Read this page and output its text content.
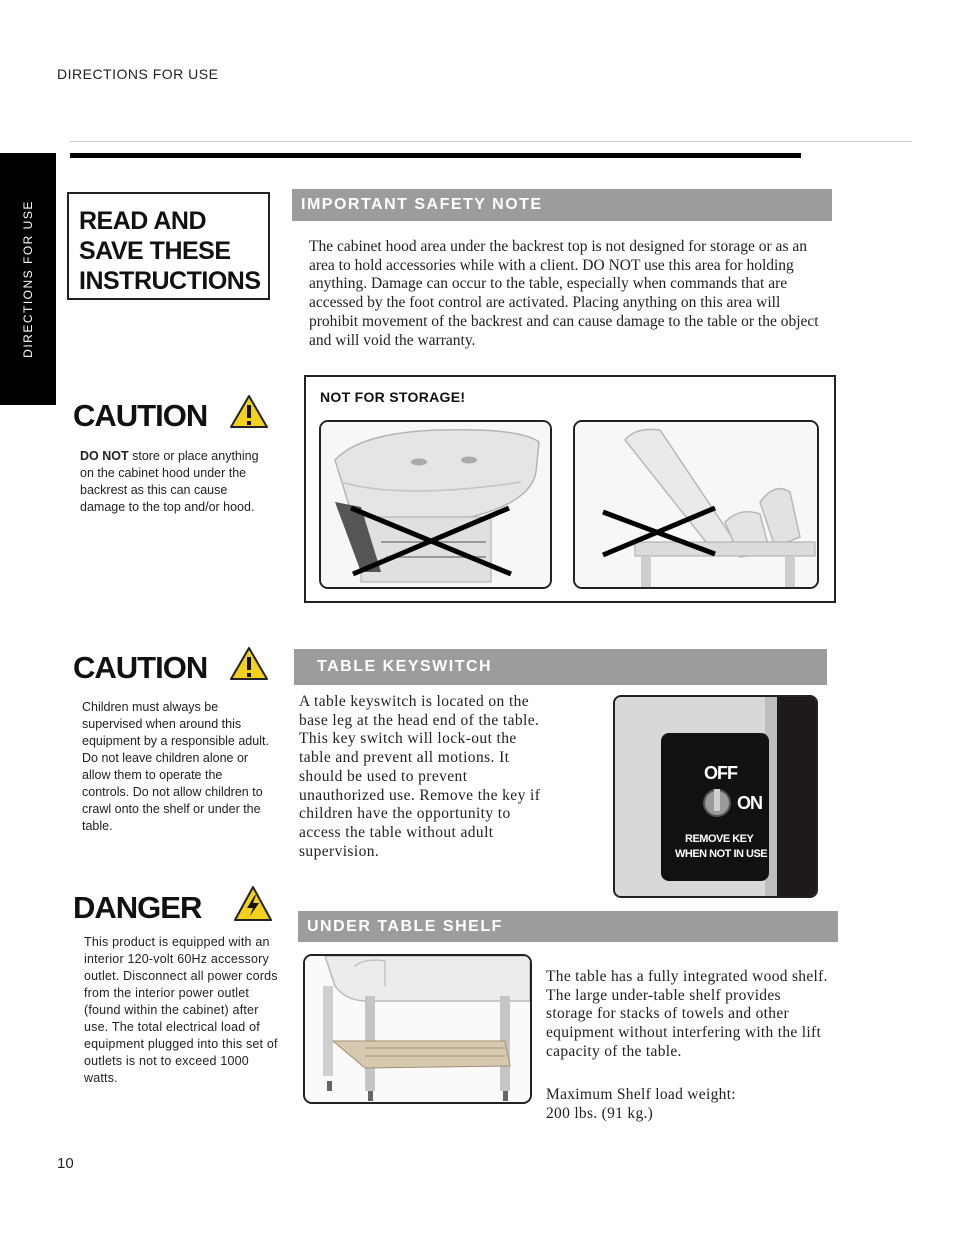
DIRECTIONS FOR USE
DIRECTIONS FOR USE READ AND SAVE THESE INSTRUCTIONS
IMPORTANT SAFETY NOTE
The cabinet hood area under the backrest top is not designed for storage or as an area to hold accessories while with a client. DO NOT use this area for holding anything. Damage can occur to the table, especially when commands that are accessed by the foot control are activated. Placing anything on this area will prohibit movement of the backrest and can cause damage to the table or the object and will void the warranty.
CAUTION
DO NOT store or place anything on the cabinet hood under the backrest as this can cause damage to the top and/or hood.
NOT FOR STORAGE!
CAUTION
Children must always be supervised when around this equipment by a responsible adult. Do not leave children alone or allow them to operate the controls. Do not allow children to crawl onto the shelf or under the table.
TABLE KEYSWITCH
A table keyswitch is located on the base leg at the head end of the table. This key switch will lock-out the table and prevent all motions. It should be used to prevent unauthorized use. Remove the key if children have the opportunity to access the table without adult supervision.
OFF
ON
REMOVE KEY
WHEN NOT IN USE
DANGER
This product is equipped with an interior 120-volt 60Hz accessory outlet. Disconnect all power cords from the interior power outlet (found within the cabinet) after use. The total electrical load of equipment plugged into this set of outlets is not to exceed 1000 watts.
UNDER TABLE SHELF
The table has a fully integrated wood shelf. The large under-table shelf provides storage for stacks of towels and other equipment without interfering with the lift capacity of the table.
Maximum Shelf load weight:
200 lbs. (91 kg.)
10
